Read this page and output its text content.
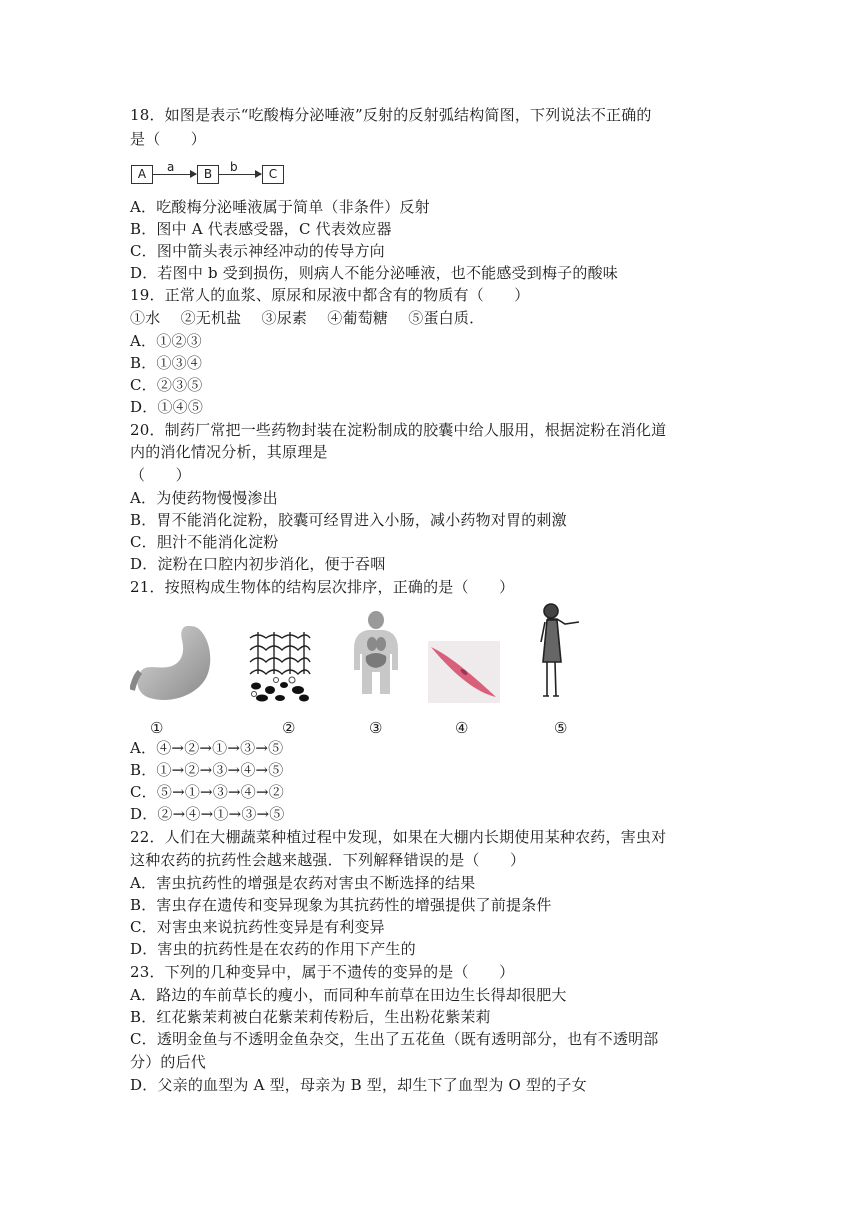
18．如图是表示“吃酸梅分泌唾液”反射的反射弧结构简图，下列说法不正确的
是（　　）
A	a	B	b	C
A．吃酸梅分泌唾液属于简单（非条件）反射
B．图中 A 代表感受器，C 代表效应器
C．图中箭头表示神经冲动的传导方向
D．若图中 b 受到损伤，则病人不能分泌唾液，也不能感受到梅子的酸味
19．正常人的血浆、原尿和尿液中都含有的物质有（　　）
①水　 ②无机盐　 ③尿素　 ④葡萄糖　 ⑤蛋白质．
A．①②③
B．①③④
C．②③⑤
D．①④⑤
20．制药厂常把一些药物封装在淀粉制成的胶囊中给人服用，根据淀粉在消化道
内的消化情况分析，其原理是
（　　）
A．为使药物慢慢渗出
B．胃不能消化淀粉，胶囊可经胃进入小肠，减小药物对胃的刺激
C．胆汁不能消化淀粉
D．淀粉在口腔内初步消化，便于吞咽
21．按照构成生物体的结构层次排序，正确的是（　　）
①	②	③	④	⑤
A．④→②→①→③→⑤
B．①→②→③→④→⑤
C．⑤→①→③→④→②
D．②→④→①→③→⑤
22．人们在大棚蔬菜种植过程中发现，如果在大棚内长期使用某种农药，害虫对
这种农药的抗药性会越来越强．下列解释错误的是（　　）
A．害虫抗药性的增强是农药对害虫不断选择的结果
B．害虫存在遗传和变异现象为其抗药性的增强提供了前提条件
C．对害虫来说抗药性变异是有利变异
D．害虫的抗药性是在农药的作用下产生的
23．下列的几种变异中，属于不遗传的变异的是（　　）
A．路边的车前草长的瘦小，而同种车前草在田边生长得却很肥大
B．红花紫茉莉被白花紫茉莉传粉后，生出粉花紫茉莉
C．透明金鱼与不透明金鱼杂交，生出了五花鱼（既有透明部分，也有不透明部
分）的后代
D．父亲的血型为 A 型，母亲为 B 型，却生下了血型为 O 型的子女
